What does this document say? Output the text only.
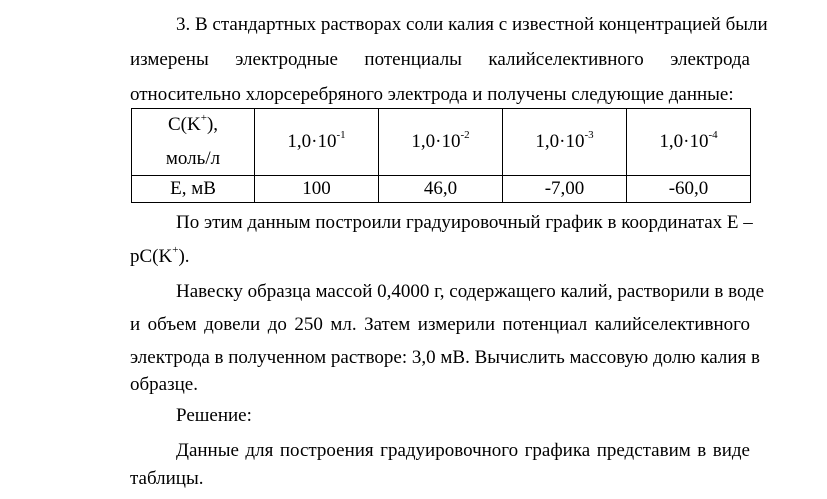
3. В стандартных растворах соли калия с известной концентрацией были
измерены электродные потенциалы калийселективного электрода
относительно хлорсеребряного электрода и получены следующие данные:
C(K+),
моль/л	$1,0\cdot 10^{-1}$	$1,0\cdot 10^{-2}$	$1,0\cdot 10^{-3}$	$1,0\cdot 10^{-4}$
E, мВ	100	46,0	-7,00	-60,0
По этим данным построили градуировочный график в координатах E –
pC(K+).
Навеску образца массой 0,4000 г, содержащего калий, растворили в воде
и объем довели до 250 мл. Затем измерили потенциал калийселективного
электрода в полученном растворе: 3,0 мВ. Вычислить массовую долю калия в
образце.
Решение:
Данные для построения градуировочного графика представим в виде
таблицы.
